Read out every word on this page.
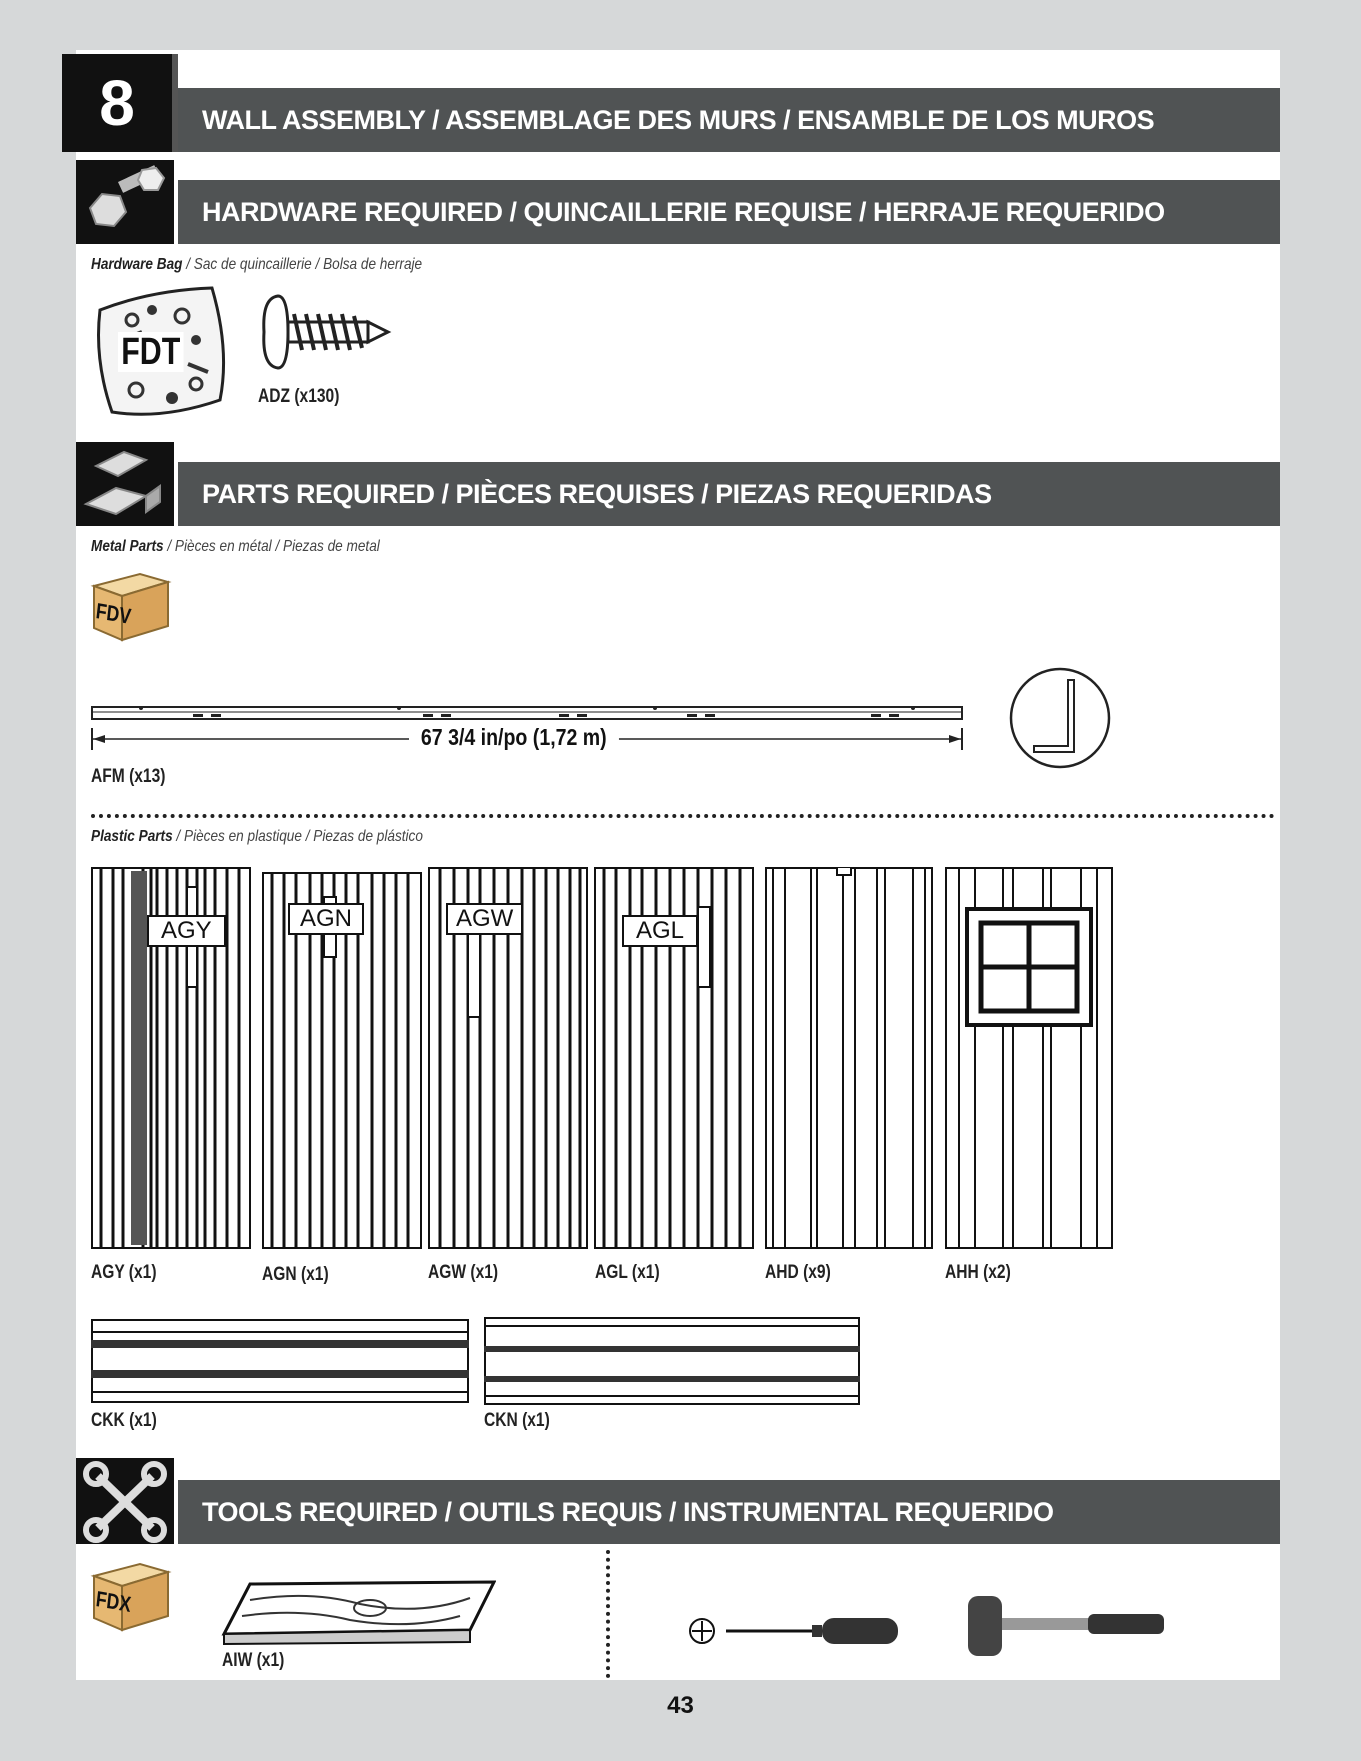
8	WALL ASSEMBLY / ASSEMBLAGE DES MURS / ENSAMBLE DE LOS MUROS
HARDWARE REQUIRED / QUINCAILLERIE REQUISE / HERRAJE REQUERIDO
Hardware Bag / Sac de quincaillerie / Bolsa de herraje
FDT
ADZ (x130)
PARTS REQUIRED / PIÈCES REQUISES / PIEZAS REQUERIDAS
Metal Parts / Pièces en métal / Piezas de metal
FDV
67 3/4 in/po (1,72 m)
AFM (x13)
Plastic Parts / Pièces en plastique / Piezas de plástico
AGY	AGN	AGW	AGL
AGY (x1)	AGN (x1)	AGW (x1)	AGL (x1)	AHD (x9)	AHH (x2)
CKK (x1)	CKN (x1)
TOOLS REQUIRED / OUTILS REQUIS / INSTRUMENTAL REQUERIDO
FDX
AIW (x1)
43
